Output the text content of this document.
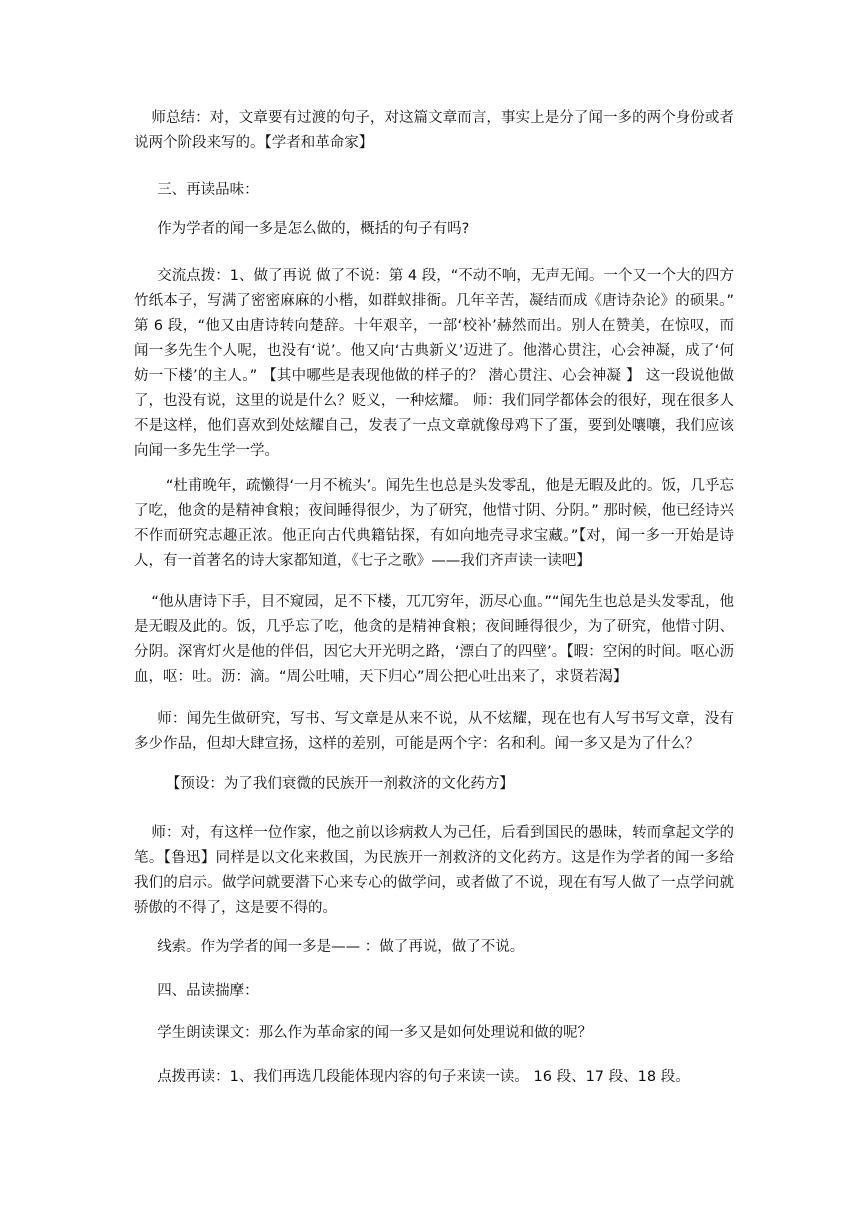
师总结：对，文章要有过渡的句子，对这篇文章而言，事实上是分了闻一多的两个身份或者说两个阶段来写的。【学者和革命家】

三、再读品味：

作为学者的闻一多是怎么做的，概括的句子有吗?

交流点拨：1、做了再说 做了不说：第 4 段，“不动不响，无声无闻。一个又一个大的四方竹纸本子，写满了密密麻麻的小楷，如群蚁排衙。几年辛苦，凝结而成《唐诗杂论》的硕果。” 第 6 段，“他又由唐诗转向楚辞。十年艰辛，一部‘校补’赫然而出。别人在赞美，在惊叹，而闻一多先生个人呢，也没有‘说’。他又向‘古典新义’迈进了。他潜心贯注，心会神凝，成了‘何妨一下楼’的主人。” 【其中哪些是表现他做的样子的？ 潜心贯注、心会神凝 】 这一段说他做了，也没有说，这里的说是什么？贬义，一种炫耀。 师：我们同学都体会的很好，现在很多人不是这样，他们喜欢到处炫耀自己，发表了一点文章就像母鸡下了蛋，要到处嚷嚷，我们应该向闻一多先生学一学。

“杜甫晚年，疏懒得‘一月不梳头’。闻先生也总是头发零乱，他是无暇及此的。饭，几乎忘了吃，他贪的是精神食粮；夜间睡得很少，为了研究，他惜寸阴、分阴。” 那时候，他已经诗兴不作而研究志趣正浓。他正向古代典籍钻探，有如向地壳寻求宝藏。”【对，闻一多一开始是诗人，有一首著名的诗大家都知道，《七子之歌》——我们齐声读一读吧】

“他从唐诗下手，目不窥园，足不下楼，兀兀穷年，沥尽心血。”“闻先生也总是头发零乱，他是无暇及此的。饭，几乎忘了吃，他贪的是精神食粮；夜间睡得很少，为了研究，他惜寸阴、分阴。深宵灯火是他的伴侣，因它大开光明之路，‘漂白了的四壁’。【暇：空闲的时间。呕心沥血，呕：吐。沥：滴。“周公吐哺，天下归心”周公把心吐出来了，求贤若渴】

师：闻先生做研究，写书、写文章是从来不说，从不炫耀，现在也有人写书写文章，没有多少作品，但却大肆宣扬，这样的差别，可能是两个字：名和利。闻一多又是为了什么？

【预设：为了我们衰微的民族开一剂救济的文化药方】

师：对，有这样一位作家，他之前以诊病救人为己任，后看到国民的愚昧，转而拿起文学的笔。【鲁迅】同样是以文化来救国，为民族开一剂救济的文化药方。这是作为学者的闻一多给我们的启示。做学问就要潜下心来专心的做学问，或者做了不说，现在有写人做了一点学问就骄傲的不得了，这是要不得的。

线索。作为学者的闻一多是—— ：做了再说，做了不说。

四、品读揣摩：

学生朗读课文：那么作为革命家的闻一多又是如何处理说和做的呢？

点拨再读：1、我们再选几段能体现内容的句子来读一读。 16 段、17 段、18 段。
